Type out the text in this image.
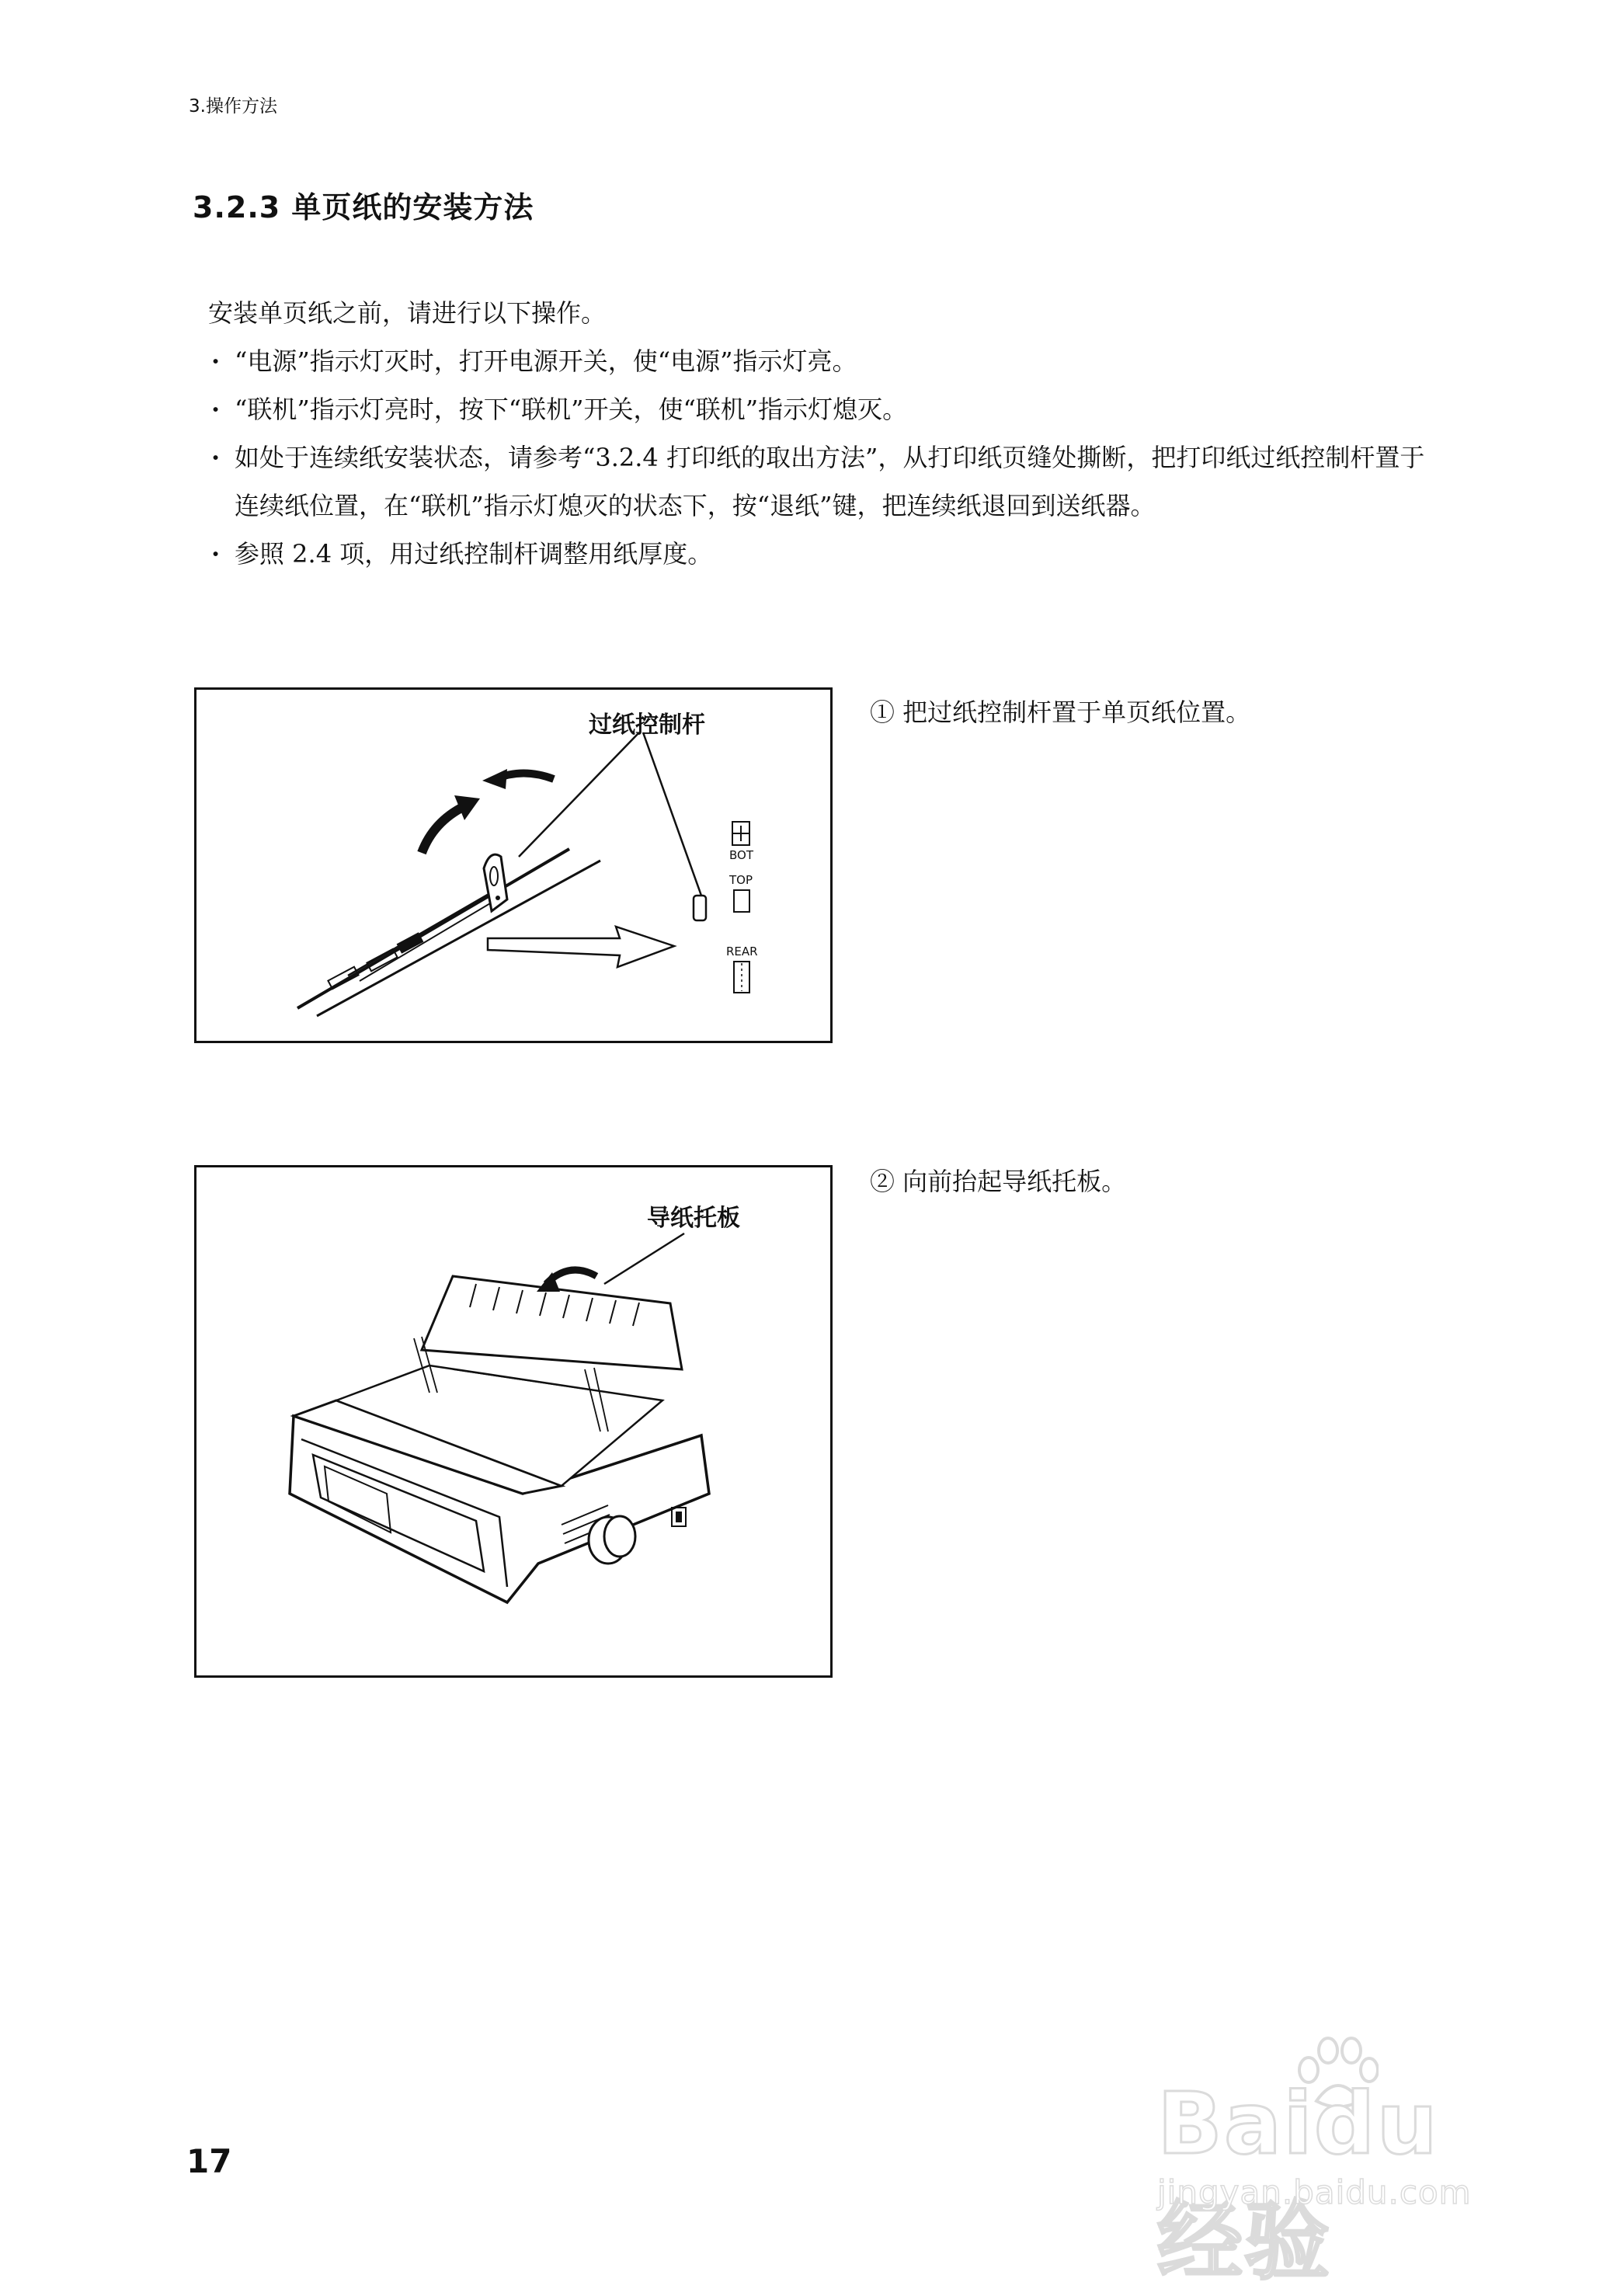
3.操作方法
3.2.3 单页纸的安装方法
安装单页纸之前，请进行以下操作。
· “电源”指示灯灭时，打开电源开关，使“电源”指示灯亮。
· “联机”指示灯亮时，按下“联机”开关，使“联机”指示灯熄灭。
· 如处于连续纸安装状态，请参考“3.2.4 打印纸的取出方法”，从打印纸页缝处撕断，把打印纸过纸控制杆置于连续纸位置，在“联机”指示灯熄灭的状态下，按“退纸”键，把连续纸退回到送纸器。
· 参照 2.4 项，用过纸控制杆调整用纸厚度。
过纸控制杆
BOT
TOP
REAR
① 把过纸控制杆置于单页纸位置。
导纸托板
② 向前抬起导纸托板。
17	Baidu经验
jingyan.baidu.com
